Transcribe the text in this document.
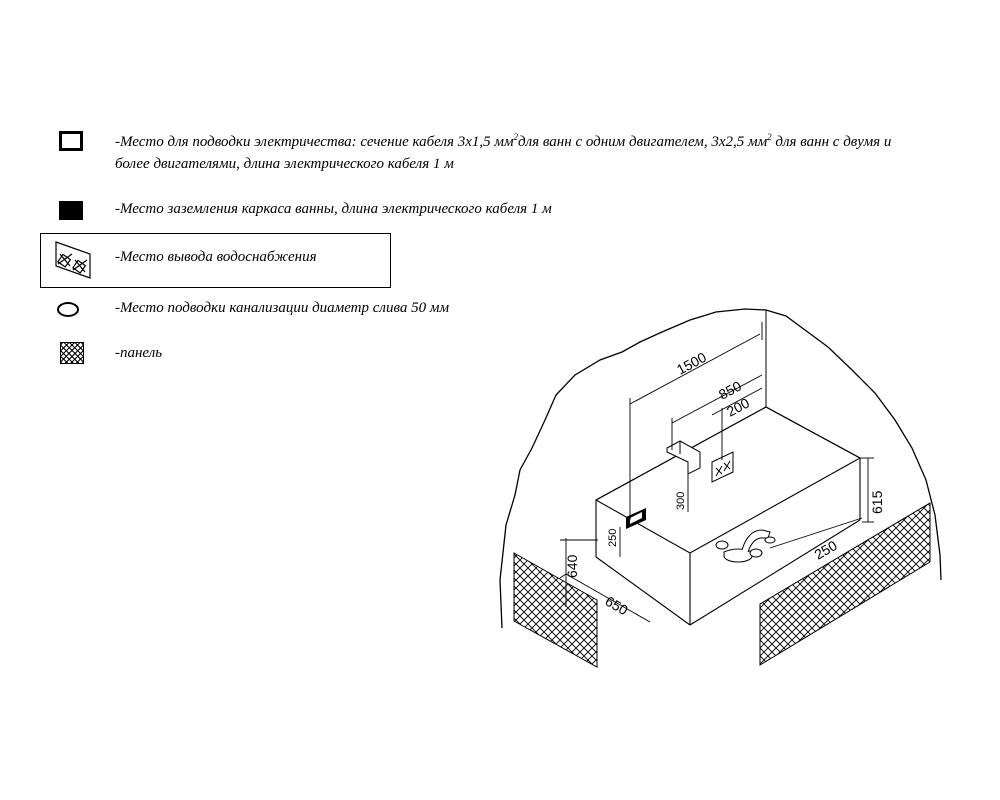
-Место для подводки электричества: сечение кабеля 3х1,5 $мм^2для$ ванн с одним двигателем, 3х2,5 $мм^2$ для ванн с двумя и
более двигателями, длина электрического кабеля 1 м
-Место заземления каркаса ванны, длина электрического кабеля 1 м
-Место вывода водоснабжения
-Место подводки канализации диаметр слива 50 мм
-панель	1500
850
200
615
250
300
250
640
650
